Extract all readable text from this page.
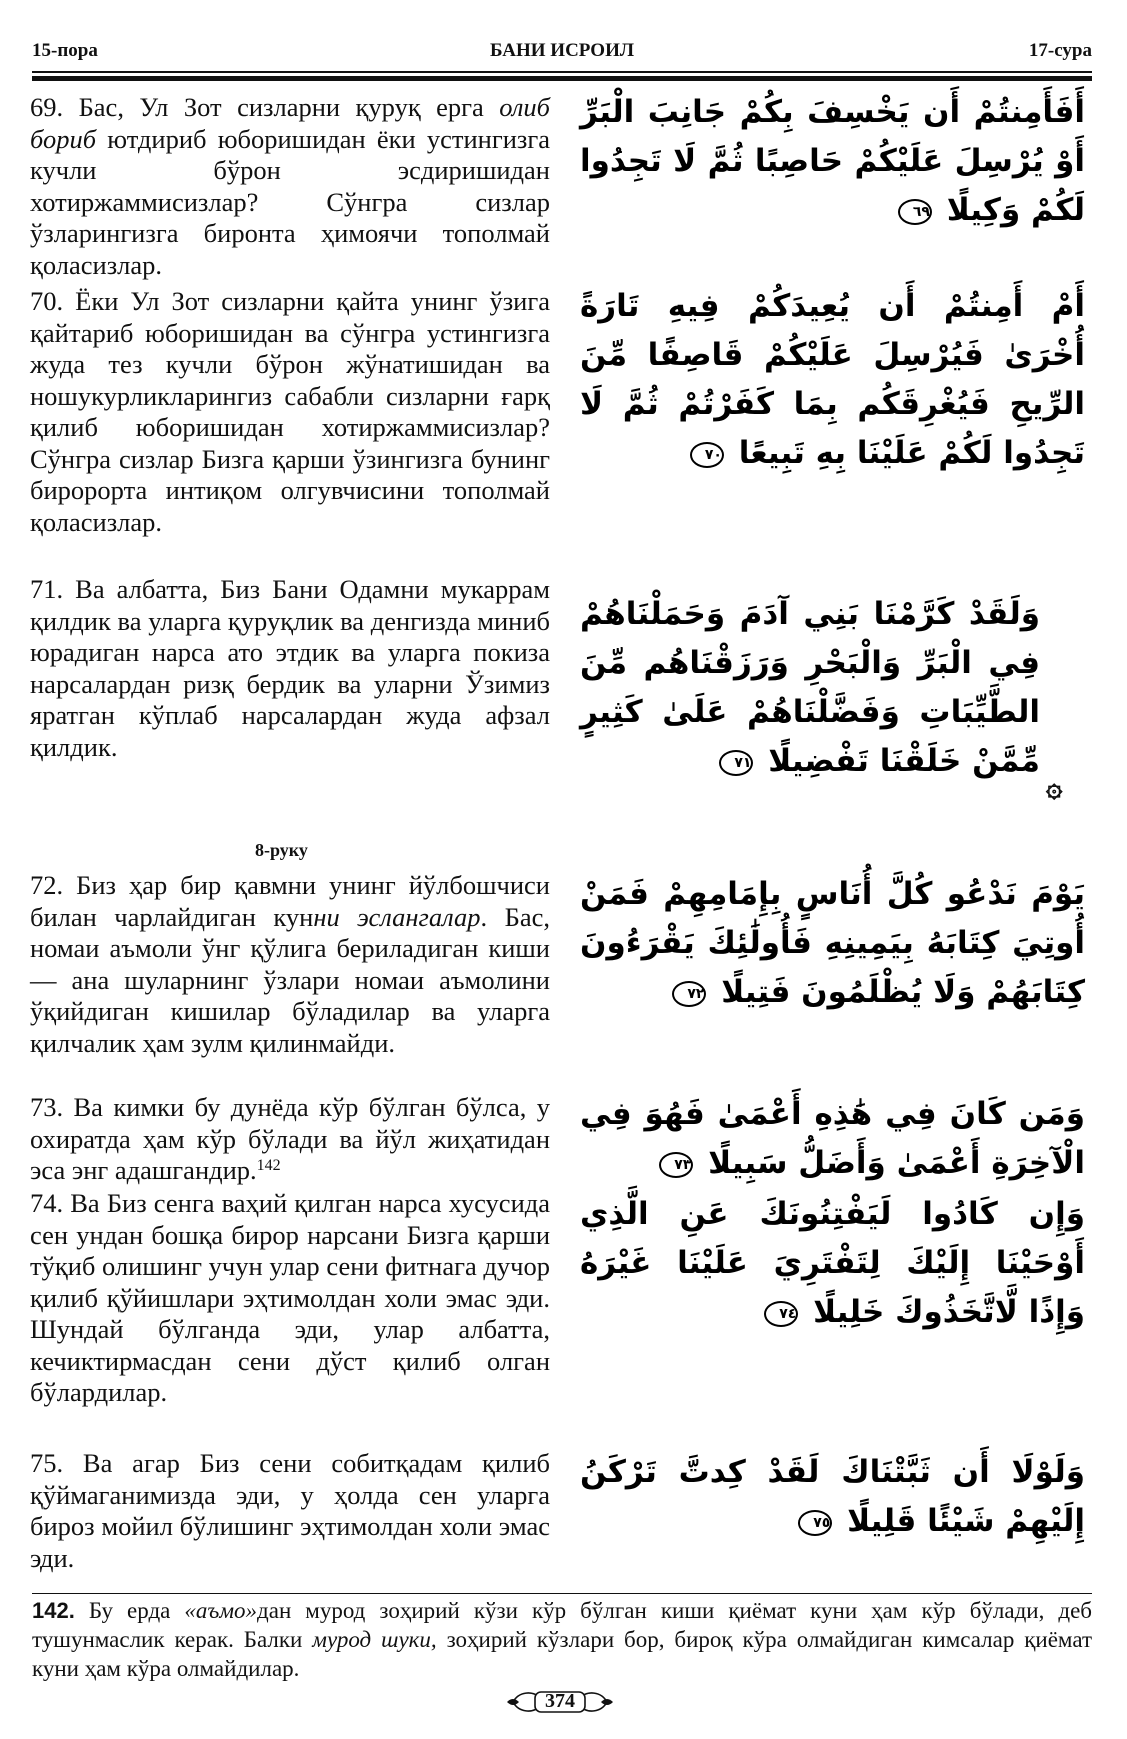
15-пора	БАНИ ИСРОИЛ	17-сура
69. Бас, Ул Зот сизларни қуруқ ерга олиб бориб ютдириб юборишидан ёки устингизга кучли бўрон эсдиришидан хотиржаммисизлар? Сўнгра сизлар ўзларингизга биронта ҳимоячи тополмай қоласизлар.
أَفَأَمِنتُمْ أَن يَخْسِفَ بِكُمْ جَانِبَ الْبَرِّ أَوْ يُرْسِلَ عَلَيْكُمْ حَاصِبًا ثُمَّ لَا تَجِدُوا لَكُمْ وَكِيلًا ٦٩
70. Ёки Ул Зот сизларни қайта унинг ўзига қайтариб юборишидан ва сўнгра устингизга жуда тез кучли бўрон жўнатишидан ва ношукурликларингиз сабабли сизларни ғарқ қилиб юборишидан хотиржаммисизлар? Сўнгра сизлар Бизга қарши ўзингизга бунинг биророрта интиқом олгувчисини тополмай қоласизлар.
أَمْ أَمِنتُمْ أَن يُعِيدَكُمْ فِيهِ تَارَةً أُخْرَىٰ فَيُرْسِلَ عَلَيْكُمْ قَاصِفًا مِّنَ الرِّيحِ فَيُغْرِقَكُم بِمَا كَفَرْتُمْ ثُمَّ لَا تَجِدُوا لَكُمْ عَلَيْنَا بِهِ تَبِيعًا ٧٠
71. Ва албатта, Биз Бани Одамни мукаррам қилдик ва уларга қуруқлик ва денгизда миниб юрадиган нарса ато этдик ва уларга покиза нарсалардан ризқ бердик ва уларни Ўзимиз яратган кўплаб нарсалардан жуда афзал қилдик.
وَلَقَدْ كَرَّمْنَا بَنِي آدَمَ وَحَمَلْنَاهُمْ فِي الْبَرِّ وَالْبَحْرِ وَرَزَقْنَاهُم مِّنَ الطَّيِّبَاتِ وَفَضَّلْنَاهُمْ عَلَىٰ كَثِيرٍ مِّمَّنْ خَلَقْنَا تَفْضِيلًا ٧١
۞
8-руку
72. Биз ҳар бир қавмни унинг йўлбошчиси билан чарлайдиган кунни эслангалар. Бас, номаи аъмоли ўнг қўлига бериладиган киши — ана шуларнинг ўзлари номаи аъмолини ўқийдиган кишилар бўладилар ва уларга қилчалик ҳам зулм қилинмайди.
يَوْمَ نَدْعُو كُلَّ أُنَاسٍ بِإِمَامِهِمْ فَمَنْ أُوتِيَ كِتَابَهُ بِيَمِينِهِ فَأُولَٰئِكَ يَقْرَءُونَ كِتَابَهُمْ وَلَا يُظْلَمُونَ فَتِيلًا ٧٢
73. Ва кимки бу дунёда кўр бўлган бўлса, у охиратда ҳам кўр бўлади ва йўл жиҳатидан эса энг адашгандир.$^{142}$
وَمَن كَانَ فِي هَٰذِهِ أَعْمَىٰ فَهُوَ فِي الْآخِرَةِ أَعْمَىٰ وَأَضَلُّ سَبِيلًا ٧٣
74. Ва Биз сенга ваҳий қилган нарса хусусида сен ундан бошқа бирор нарсани Бизга қарши тўқиб олишинг учун улар сени фитнага дучор қилиб қўйишлари эҳтимолдан холи эмас эди. Шундай бўлганда эди, улар албатта, кечиктирмасдан сени дўст қилиб олган бўлардилар.
وَإِن كَادُوا لَيَفْتِنُونَكَ عَنِ الَّذِي أَوْحَيْنَا إِلَيْكَ لِتَفْتَرِيَ عَلَيْنَا غَيْرَهُ وَإِذًا لَّاتَّخَذُوكَ خَلِيلًا ٧٤
75. Ва агар Биз сени собитқадам қилиб қўймаганимизда эди, у ҳолда сен уларга бироз мойил бўлишинг эҳтимолдан холи эмас эди.
وَلَوْلَا أَن ثَبَّتْنَاكَ لَقَدْ كِدتَّ تَرْكَنُ إِلَيْهِمْ شَيْئًا قَلِيلًا ٧٥
142. Бу ерда «аъмо»дан мурод зоҳирий кўзи кўр бўлган киши қиёмат куни ҳам кўр бўлади, деб тушунмаслик керак. Балки мурод шуки, зоҳирий кўзлари бор, бироқ кўра олмайдиган кимсалар қиёмат куни ҳам кўра олмайдилар.
374
